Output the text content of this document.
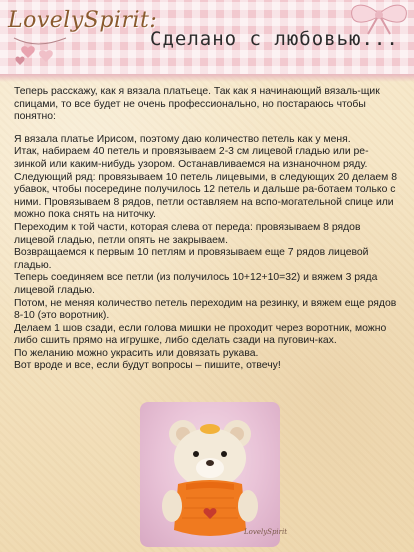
LovelySpirit:
Сделано с любовью...

Теперь расскажу, как я вязала платьеце. Так как я начинающий вязаль-щик спицами, то все будет не очень профессионально, но постараюсь чтобы понятно:

Я вязала платье Ирисом, поэтому даю количество петель как у меня.

Итак, набираем 40 петель и провязываем 2-3 см лицевой гладью или ре-зинкой или каким-нибудь узором. Останавливаемся на изнаночном ряду.

Следующий ряд: провязываем 10 петель лицевыми, в следующих 20 делаем 8 убавок, чтобы посередине получилось 12 петель и дальше ра-ботаем только с ними. Провязываем 8 рядов, петли оставляем на вспо-могательной спице или можно пока снять на ниточку.

Переходим к той части, которая слева от переда: провязываем 8 рядов лицевой гладью, петли опять не закрываем.

Возвращаемся к первым 10 петлям и провязываем еще 7 рядов лицевой гладью.

Теперь соединяем все петли (из получилось 10+12+10=32) и вяжем 3 ряда лицевой гладью.

Потом, не меняя количество петель переходим на резинку, и вяжем еще рядов 8-10 (это воротник).

Делаем 1 шов сзади, если голова мишки не проходит через воротник, можно либо сшить прямо на игрушке, либо сделать сзади на пугович-ках.

По желанию можно украсить или довязать рукава.

Вот вроде и все, если будут вопросы – пишите, отвечу!

LovelySpirit
